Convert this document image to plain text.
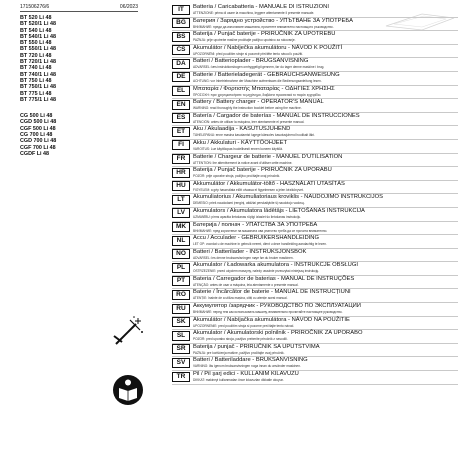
171506276/6	06/2023
BT 520 Li 48
BT 520/1 Li 48
BT 540 Li 48
BT 540/1 Li 48
BT 550 Li 48
BT 550/1 Li 48
BT 720 Li 48
BT 720/1 Li 48
BT 740 Li 48
BT 740/1 Li 48
BT 750 Li 48
BT 750/1 Li 48
BT 775 Li 48
BT 775/1 Li 48
CG 500 Li 48
CGD 500 Li 48
CGF 500 Li 48
CG 700 Li 48
CGD 700 Li 48
CGF 700 Li 48
CGDF Li 48
IT	Batteria / Caricabatteria - MANUALE DI ISTRUZIONI
ATTENZIONE: prima di usare la macchina, leggere attentamente il presente manuale.
BG	Батерия / Зарядно устройство - УПЪТВАНЕ ЗА УПОТРЕБА
ВНИМАНИЕ: преди да използвате машината, прочетете внимателно настоящото ръководство.
BS	Baterija / Punjač baterije - PRIRUČNIK ZA UPOTREBU
PAŽNJA: prije upotrebe mašine pročitajte pažljivo uputstvo za rukovanje.
CS	Akumulátor / Nabíječka akumulátoru - NÁVOD K POUŽITÍ
UPOZORNĚNÍ: před použitím stroje si pozorně přečtěte tento návod k použití.
DA	Batteri / Batterioplader - BRUGSANVISNING
ADVARSEL: læs instruktionsbogen omhyggeligt igennem, før du tager denne maskine i brug.
DE	Batterie / Batterieladegerät - GEBRAUCHSANWEISUNG
ACHTUNG: vor Inbetriebnahme der Maschine aufmerksam die Bedienungsanleitung lesen.
EL	Μπαταρία / Φορτιστής Μπαταρίας - ΟΔΗΓΙΕΣ ΧΡΗΣΗΣ
ΠΡΟΣΟΧΗ: πριν χρησιμοποιήσετε το μηχάνημα, διαβάστε προσεκτικά το παρόν εγχειρίδιο.
EN	Battery / Battery charger - OPERATOR'S MANUAL
WARNING: read thoroughly the instruction booklet before using the machine.
ES	Batería / Cargador de baterías - MANUAL DE INSTRUCCIONES
ATENCIÓN: antes de utilizar la máquina, leer atentamente el presente manual.
ET	Aku / Akulaadija - KASUTUSJUHEND
TÄHELEPANU: enne masina kasutamist lugege käesolev kasutusjuhend hoolikalt läbi.
FI	Akku / Akkulaturi - KÄYTTÖOHJEET
VAROITUS: Lue käyttöopas huolellisesti ennen koneen käyttöä.
FR	Batterie / Chargeur de batterie - MANUEL D'UTILISATION
ATTENTION: lire attentivement la notice avant d'utiliser cette machine.
HR	Baterija / Punjač baterije - PRIRUČNIK ZA UPORABU
POZOR: prije uporabe stroja, pažljivo pročitajte ovaj priručnik.
HU	Akkumulátor / Akkumulátor-töltő - HASZNÁLATI UTASÍTÁS
FIGYELEM: a gép használata előtt olvassa el figyelmesen a jelen kézikönyvet.
LT	Akumuliatorius / Akumuliatoriaus kroviklis - NAUDOJIMO INSTRUKCIJOS
DĖMESIO: prieš naudodami įrenginį, atidžiai perskaitykite šį naudotojo vadovą.
LV	Akumulators / Akumulatora lādētājs - LIETOŠANAS INSTRUKCIJA
UZMANĪBU: pirms aparāta lietošanas rūpīgi izlasiet šo lietošanas instrukciju.
MK	Батерија / полнач - УПАТСТВА ЗА УПОТРЕБА
ВНИМАНИЕ: пред користење на машината ова упатство треба да се прочита внимателно.
NL	Accu / Acculader - GEBRUIKERSHANDLEIDING
LET OP: voordat u de machine in gebruik neemt, dient u deze handleiding aandachtig te lezen.
NO	Batteri / Batterilader - INSTRUKSJONSBOK
ADVARSEL: les denne bruksanvisningen nøye før du bruker maskinen.
PL	Akumulator / Ładowarka akumulatora - INSTRUKCJE OBSŁUGI
OSTRZEŻENIE: przed użyciem maszyny, należy uważnie przeczytać niniejszą instrukcję.
PT	Bateria / Carregador de baterias - MANUAL DE INSTRUÇÕES
ATENÇÃO: antes de usar a máquina, leia atentamente o presente manual.
RO	Baterie / Încărcător de baterie - MANUAL DE INSTRUCȚIUNI
ATENȚIE: înainte de a utiliza mașina, citiți cu atenție acest manual.
RU	Аккумулятор /зарядчик - РУКОВОДСТВО ПО ЭКСПЛУАТАЦИИ
ВНИМАНИЕ: перед тем как использовать машину, внимательно прочитайте настоящее руководство.
SK	Akumulátor / Nabíjačka akumulátora - NÁVOD NA POUŽITIE
UPOZORNENIE: pred použitím stroja si pozorne prečítajte tento návod.
SL	Akumulator / Akumulatorski polnilnik - PRIROČNIK ZA UPORABO
POZOR: pred uporabo stroja, pazljivo preberite priročnik z navodili.
SR	Baterija / punjač - PRIRUČNIK SA UPUTSTVIMA
PAŽNJA: pre korišćenja mašine, pažljivo pročitajte ovaj priručnik.
SV	Batteri / Batteriladdare - BRUKSANVISNING
VARNING: läs igenom bruksanvisningen noga innan du använder maskinen.
TR	Pil / Pil şarj edici - KULLANIM KILAVUZU
DİKKAT: makineyi kullanmadan önce kılavuzları dikkatle okuyun.
